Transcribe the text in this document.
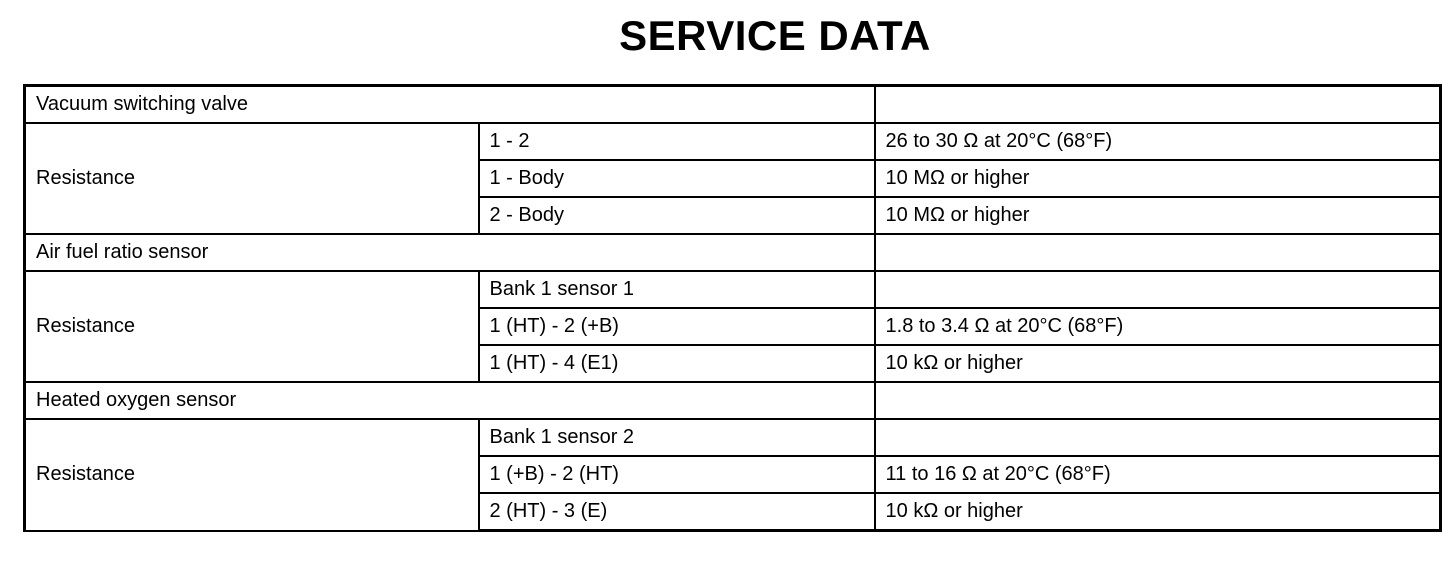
SERVICE DATA
Vacuum switching valve		
Resistance	1 - 2	26 to 30 Ω at 20°C (68°F)
	1 - Body	10 MΩ or higher
	2 - Body	10 MΩ or higher
Air fuel ratio sensor		
Resistance	Bank 1 sensor 1	
	1 (HT) - 2 (+B)	1.8 to 3.4 Ω at 20°C (68°F)
	1 (HT) - 4 (E1)	10 kΩ or higher
Heated oxygen sensor		
Resistance	Bank 1 sensor 2	
	1 (+B) - 2 (HT)	11 to 16 Ω at 20°C (68°F)
	2 (HT) - 3 (E)	10 kΩ or higher
